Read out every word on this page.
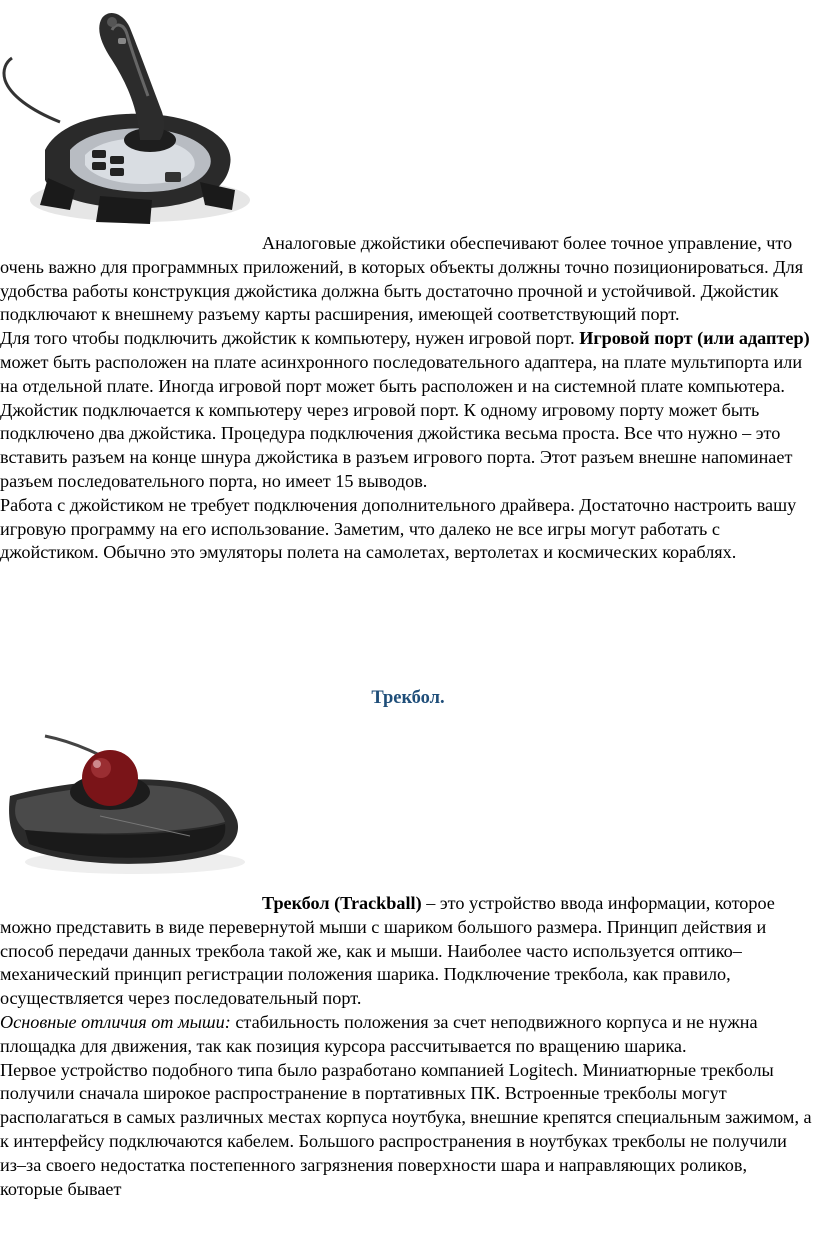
Аналоговые джойстики обеспечивают более точное управление, что очень важно для программных приложений, в которых объекты должны точно позиционироваться. Для удобства работы конструкция джойстика должна быть достаточно прочной и устойчивой. Джойстик подключают к внешнему разъему карты расширения, имеющей соответствующий порт.

Для того чтобы подключить джойстик к компьютеру, нужен игровой порт. Игровой порт (или адаптер) может быть расположен на плате асинхронного последовательного адаптера, на плате мультипорта или на отдельной плате. Иногда игровой порт может быть расположен и на системной плате компьютера.

Джойстик подключается к компьютеру через игровой порт. К одному игровому порту может быть подключено два джойстика. Процедура подключения джойстика весьма проста. Все что нужно – это вставить разъем на конце шнура джойстика в разъем игрового порта. Этот разъем внешне напоминает разъем последовательного порта, но имеет 15 выводов.

Работа с джойстиком не требует подключения дополнительного драйвера. Достаточно настроить вашу игровую программу на его использование. Заметим, что далеко не все игры могут работать с джойстиком. Обычно это эмуляторы полета на самолетах, вертолетах и космических кораблях.

Трекбол.

Трекбол (Trackball) – это устройство ввода информации, которое можно представить в виде перевернутой мыши с шариком большого размера. Принцип действия и способ передачи данных трекбола такой же, как и мыши. Наиболее часто используется оптико–механический принцип регистрации положения шарика. Подключение трекбола, как правило, осуществляется через последовательный порт.

Основные отличия от мыши: стабильность положения за счет неподвижного корпуса и не нужна площадка для движения, так как позиция курсора рассчитывается по вращению шарика.

Первое устройство подобного типа было разработано компанией Logitech. Миниатюрные трекболы получили сначала широкое распространение в портативных ПК. Встроенные трекболы могут располагаться в самых различных местах корпуса ноутбука, внешние крепятся специальным зажимом, а к интерфейсу подключаются кабелем. Большого распространения в ноутбуках трекболы не получили из–за своего недостатка постепенного загрязнения поверхности шара и направляющих роликов, которые бывает
